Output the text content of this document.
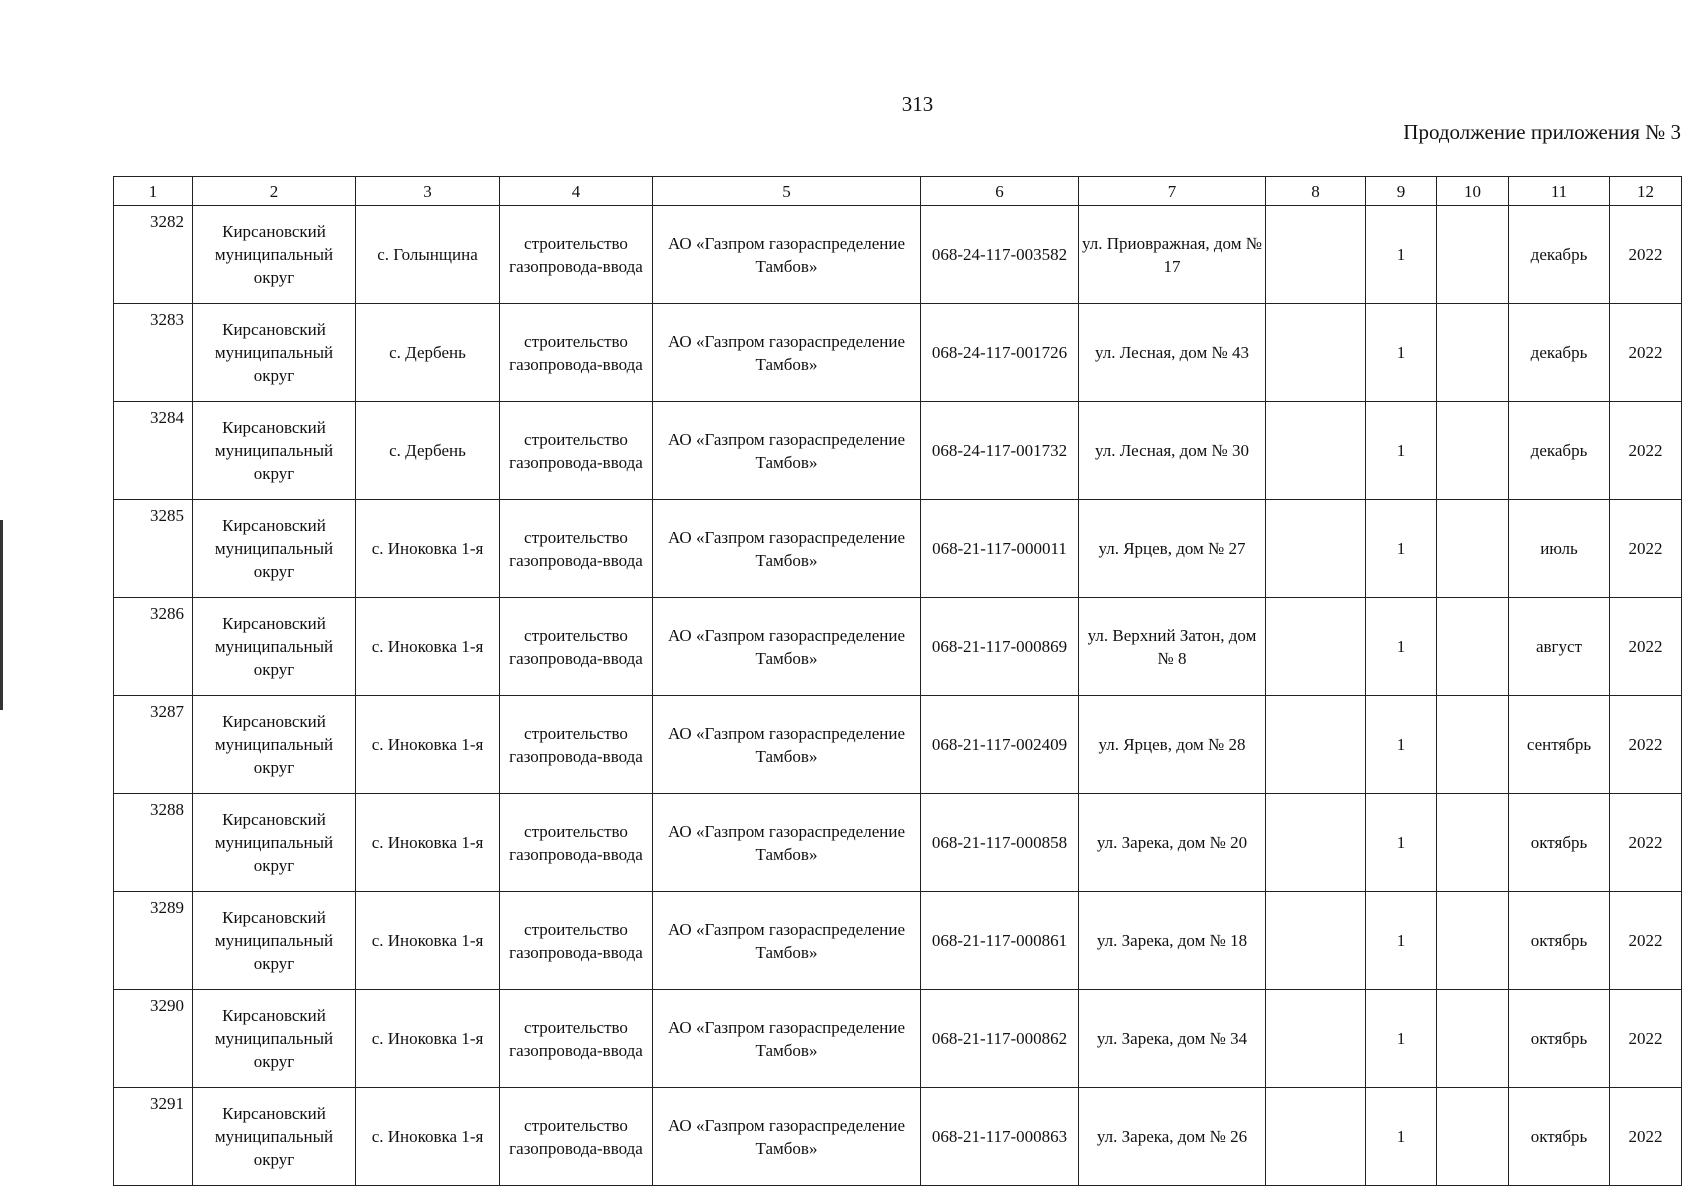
313
Продолжение приложения № 3
1	2	3	4	5	6	7	8	9	10	11	12
3282	Кирсановский муниципальный округ	с. Голынщина	строительство газопровода-ввода	АО «Газпром газораспределение Тамбов»	068-24-117-003582	ул. Приовражная, дом № 17		1		декабрь	2022
3283	Кирсановский муниципальный округ	с. Дербень	строительство газопровода-ввода	АО «Газпром газораспределение Тамбов»	068-24-117-001726	ул. Лесная, дом № 43		1		декабрь	2022
3284	Кирсановский муниципальный округ	с. Дербень	строительство газопровода-ввода	АО «Газпром газораспределение Тамбов»	068-24-117-001732	ул. Лесная, дом № 30		1		декабрь	2022
3285	Кирсановский муниципальный округ	с. Иноковка 1-я	строительство газопровода-ввода	АО «Газпром газораспределение Тамбов»	068-21-117-000011	ул. Ярцев, дом № 27		1		июль	2022
3286	Кирсановский муниципальный округ	с. Иноковка 1-я	строительство газопровода-ввода	АО «Газпром газораспределение Тамбов»	068-21-117-000869	ул. Верхний Затон, дом № 8		1		август	2022
3287	Кирсановский муниципальный округ	с. Иноковка 1-я	строительство газопровода-ввода	АО «Газпром газораспределение Тамбов»	068-21-117-002409	ул. Ярцев, дом № 28		1		сентябрь	2022
3288	Кирсановский муниципальный округ	с. Иноковка 1-я	строительство газопровода-ввода	АО «Газпром газораспределение Тамбов»	068-21-117-000858	ул. Зарека, дом № 20		1		октябрь	2022
3289	Кирсановский муниципальный округ	с. Иноковка 1-я	строительство газопровода-ввода	АО «Газпром газораспределение Тамбов»	068-21-117-000861	ул. Зарека, дом № 18		1		октябрь	2022
3290	Кирсановский муниципальный округ	с. Иноковка 1-я	строительство газопровода-ввода	АО «Газпром газораспределение Тамбов»	068-21-117-000862	ул. Зарека, дом № 34		1		октябрь	2022
3291	Кирсановский муниципальный округ	с. Иноковка 1-я	строительство газопровода-ввода	АО «Газпром газораспределение Тамбов»	068-21-117-000863	ул. Зарека, дом № 26		1		октябрь	2022
